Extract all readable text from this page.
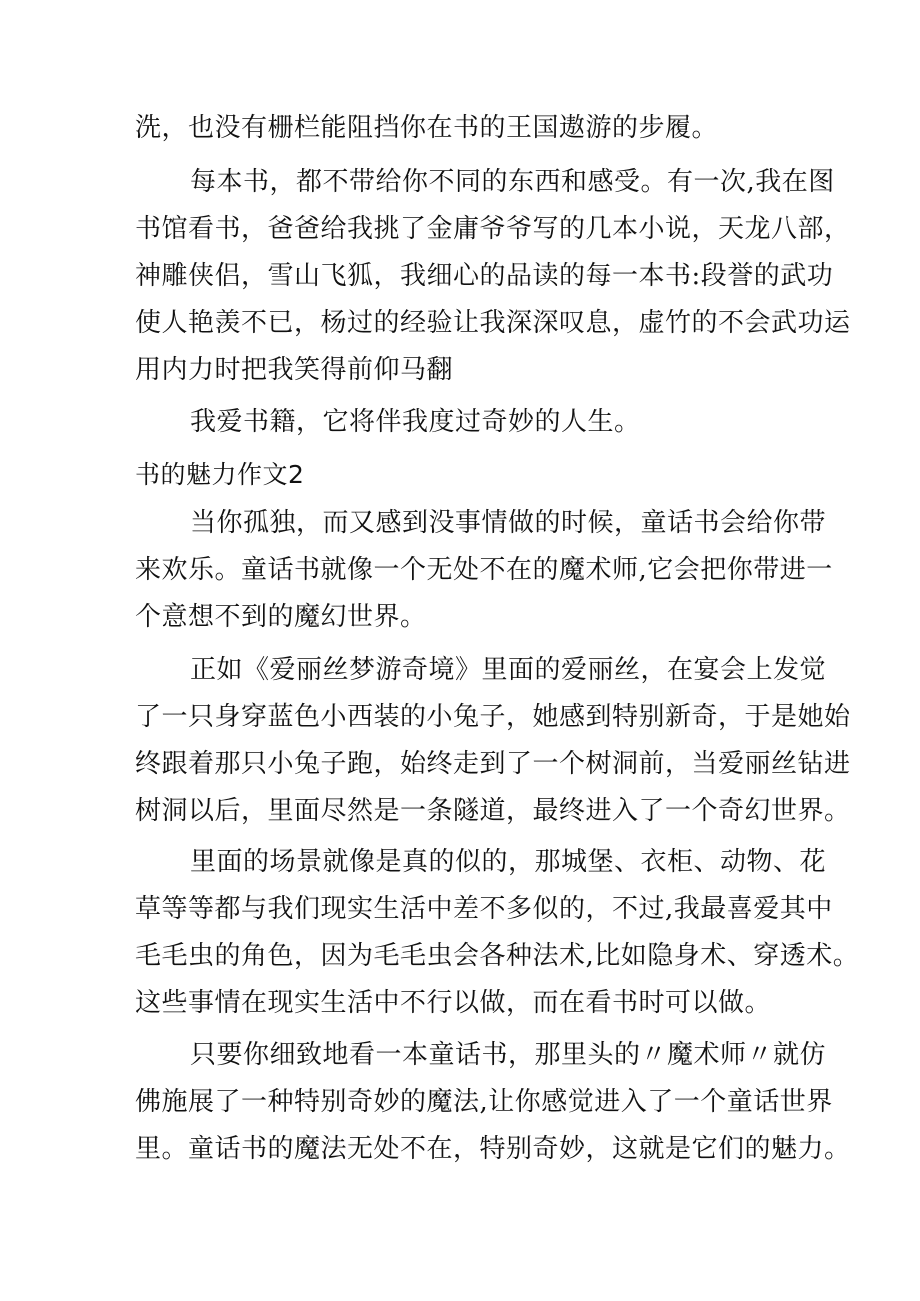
洗，也没有栅栏能阻挡你在书的王国遨游的步履。
每本书，都不带给你不同的东西和感受。有一次,我在图
书馆看书，爸爸给我挑了金庸爷爷写的几本小说，天龙八部，
神雕侠侣，雪山飞狐，我细心的品读的每一本书:段誉的武功
使人艳羡不已，杨过的经验让我深深叹息，虚竹的不会武功运
用内力时把我笑得前仰马翻
我爱书籍，它将伴我度过奇妙的人生。
书的魅力作文2
当你孤独，而又感到没事情做的时候，童话书会给你带
来欢乐。童话书就像一个无处不在的魔术师,它会把你带进一
个意想不到的魔幻世界。
正如《爱丽丝梦游奇境》里面的爱丽丝，在宴会上发觉
了一只身穿蓝色小西装的小兔子，她感到特别新奇，于是她始
终跟着那只小兔子跑，始终走到了一个树洞前，当爱丽丝钻进
树洞以后，里面尽然是一条隧道，最终进入了一个奇幻世界。
里面的场景就像是真的似的，那城堡、衣柜、动物、花
草等等都与我们现实生活中差不多似的，不过,我最喜爱其中
毛毛虫的角色，因为毛毛虫会各种法术,比如隐身术、穿透术。
这些事情在现实生活中不行以做，而在看书时可以做。
只要你细致地看一本童话书，那里头的〃魔术师〃就仿
佛施展了一种特别奇妙的魔法,让你感觉进入了一个童话世界
里。童话书的魔法无处不在，特别奇妙，这就是它们的魅力。
